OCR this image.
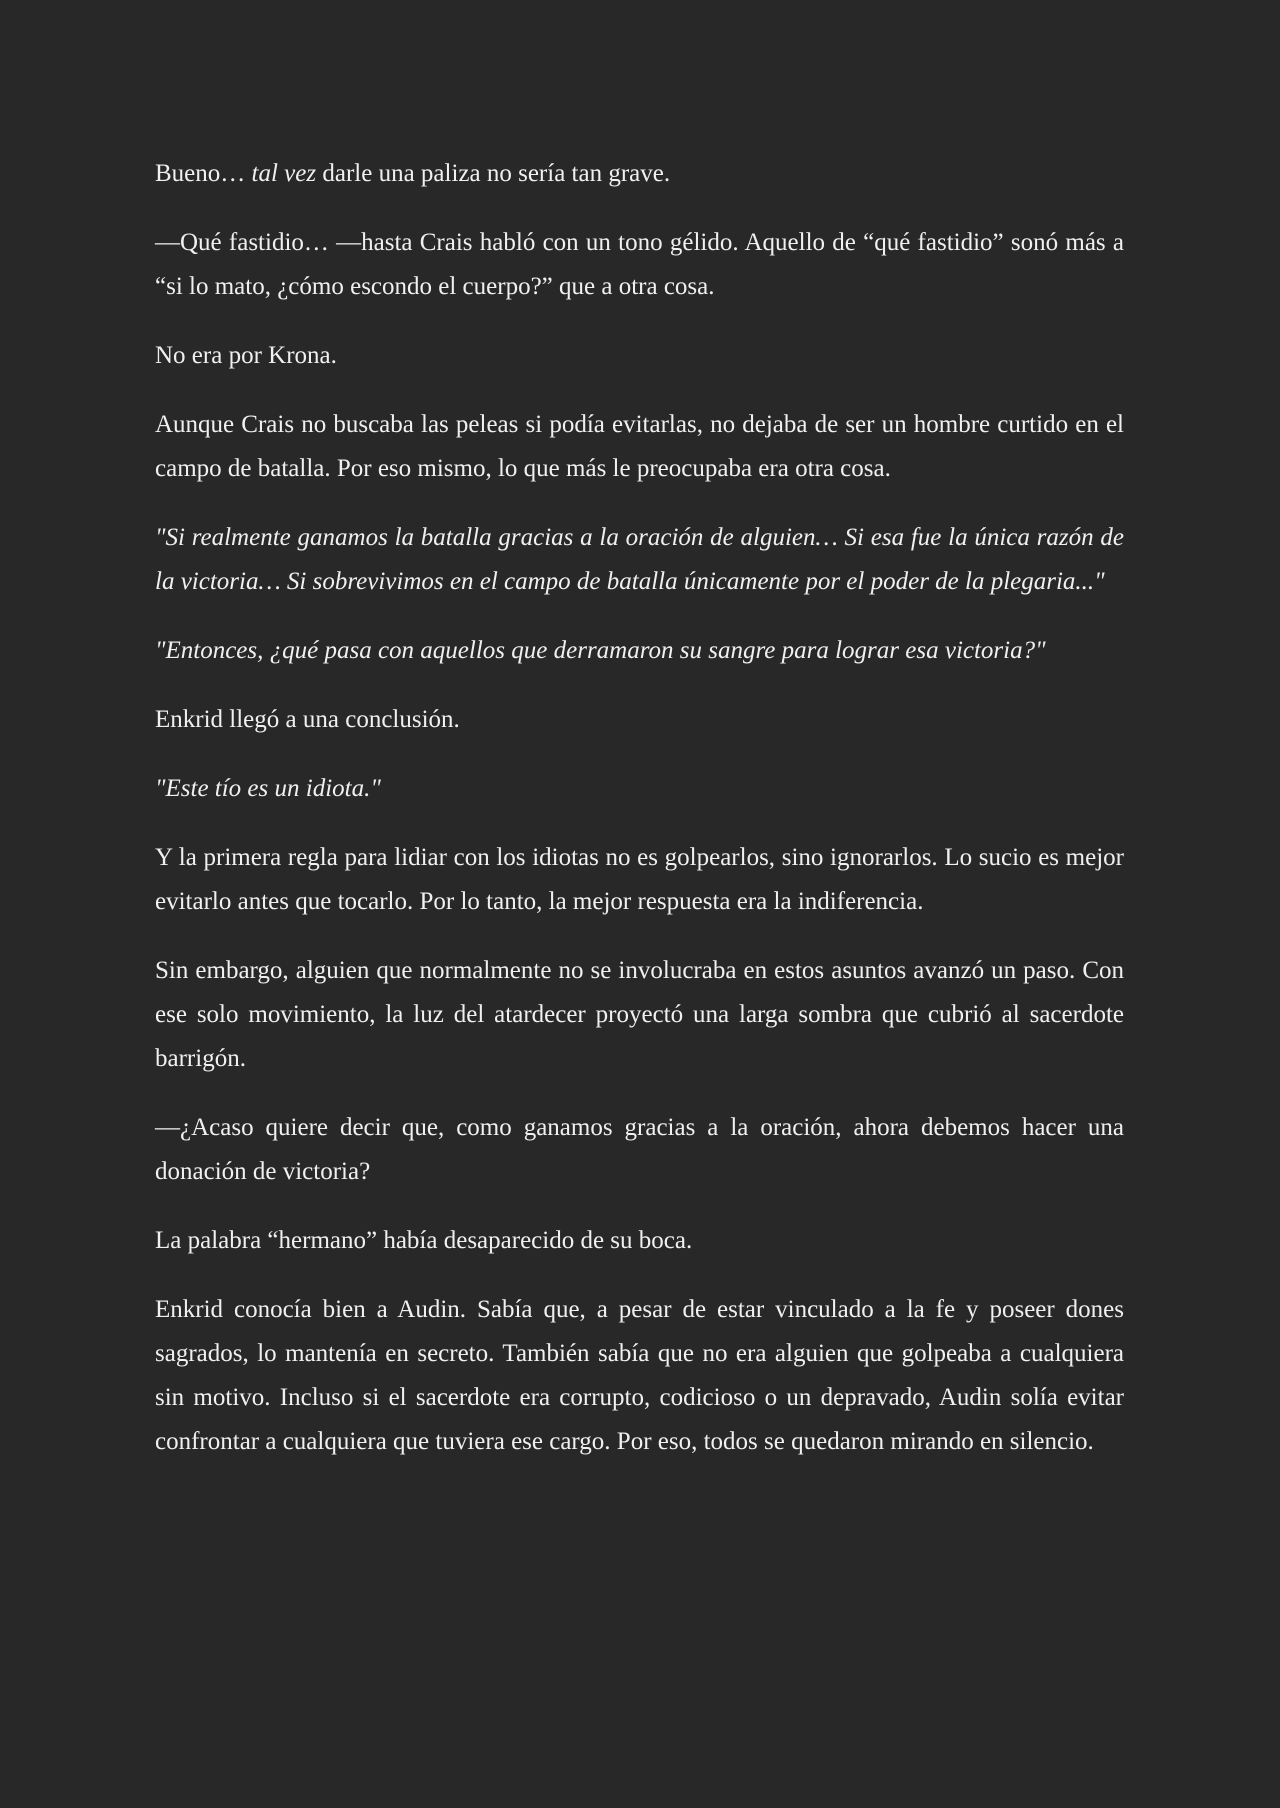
Bueno… tal vez darle una paliza no sería tan grave.

—Qué fastidio… —hasta Crais habló con un tono gélido. Aquello de “qué fastidio” sonó más a “si lo mato, ¿cómo escondo el cuerpo?” que a otra cosa.

No era por Krona.

Aunque Crais no buscaba las peleas si podía evitarlas, no dejaba de ser un hombre curtido en el campo de batalla. Por eso mismo, lo que más le preocupaba era otra cosa.

"Si realmente ganamos la batalla gracias a la oración de alguien… Si esa fue la única razón de la victoria… Si sobrevivimos en el campo de batalla únicamente por el poder de la plegaria..."

"Entonces, ¿qué pasa con aquellos que derramaron su sangre para lograr esa victoria?"

Enkrid llegó a una conclusión.

"Este tío es un idiota."

Y la primera regla para lidiar con los idiotas no es golpearlos, sino ignorarlos. Lo sucio es mejor evitarlo antes que tocarlo. Por lo tanto, la mejor respuesta era la indiferencia.

Sin embargo, alguien que normalmente no se involucraba en estos asuntos avanzó un paso. Con ese solo movimiento, la luz del atardecer proyectó una larga sombra que cubrió al sacerdote barrigón.

—¿Acaso quiere decir que, como ganamos gracias a la oración, ahora debemos hacer una donación de victoria?

La palabra “hermano” había desaparecido de su boca.

Enkrid conocía bien a Audin. Sabía que, a pesar de estar vinculado a la fe y poseer dones sagrados, lo mantenía en secreto. También sabía que no era alguien que golpeaba a cualquiera sin motivo. Incluso si el sacerdote era corrupto, codicioso o un depravado, Audin solía evitar confrontar a cualquiera que tuviera ese cargo. Por eso, todos se quedaron mirando en silencio.
